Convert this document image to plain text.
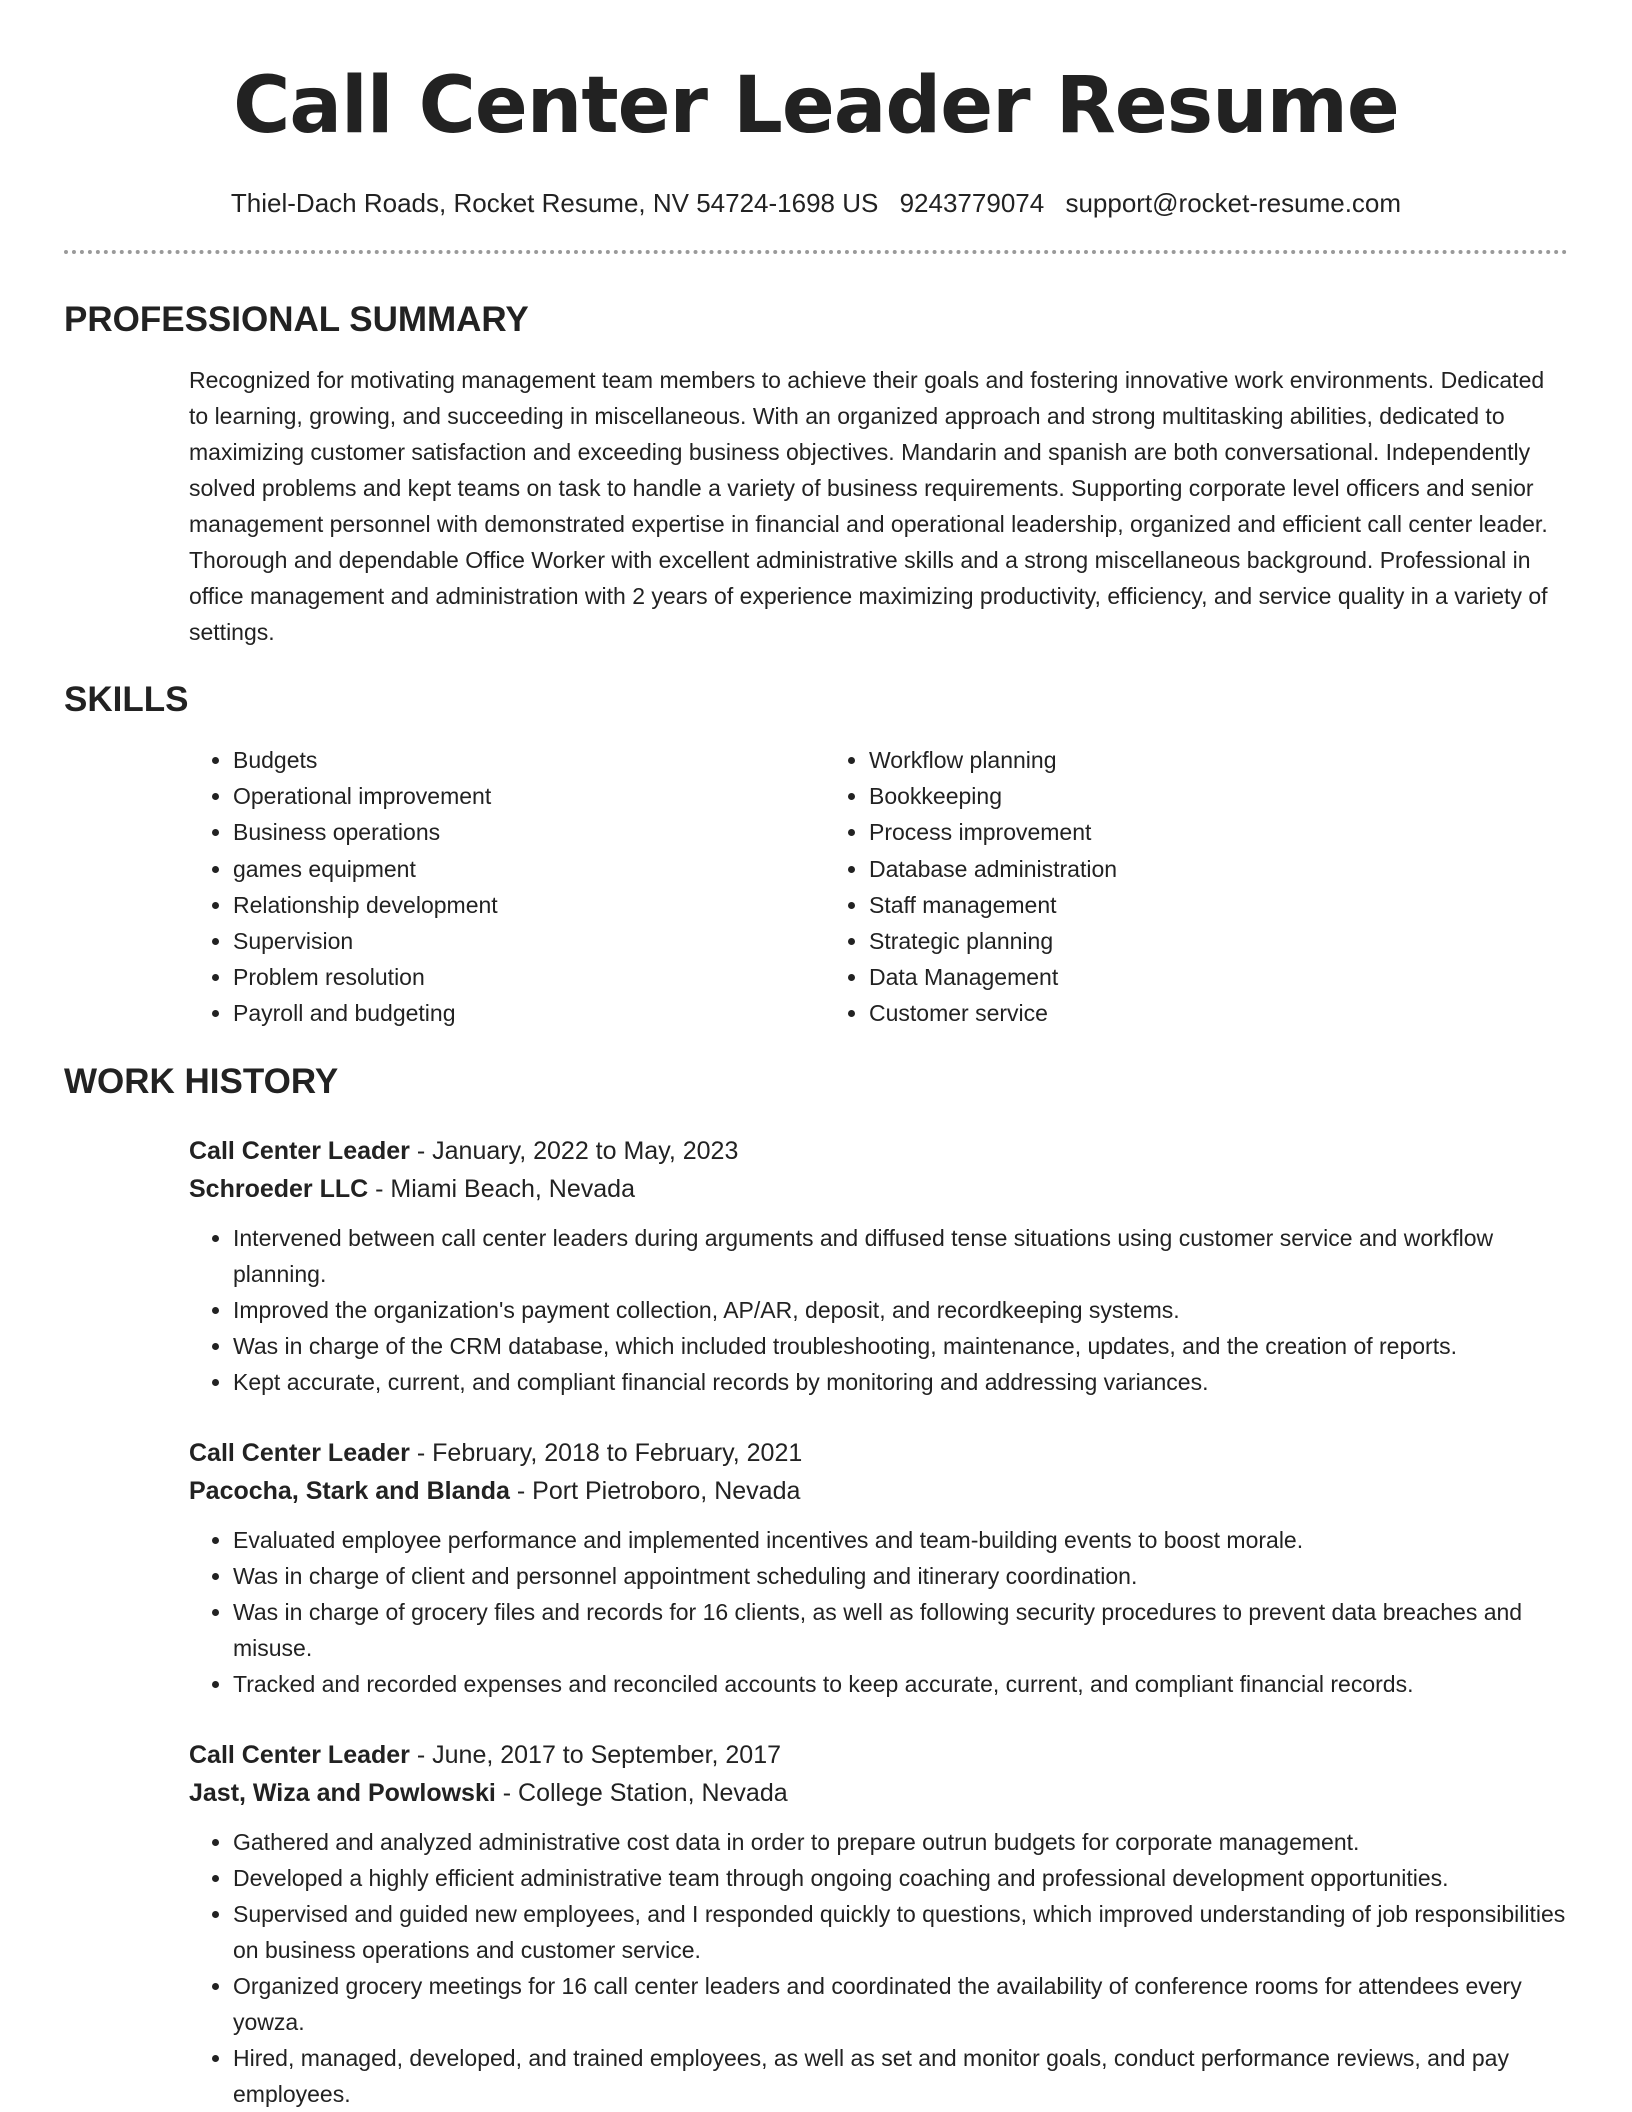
Call Center Leader Resume
Thiel-Dach Roads, Rocket Resume, NV 54724-1698 US 9243779074 support@rocket-resume.com
PROFESSIONAL SUMMARY
Recognized for motivating management team members to achieve their goals and fostering innovative work environments. Dedicated to learning, growing, and succeeding in miscellaneous. With an organized approach and strong multitasking abilities, dedicated to maximizing customer satisfaction and exceeding business objectives. Mandarin and spanish are both conversational. Independently solved problems and kept teams on task to handle a variety of business requirements. Supporting corporate level officers and senior management personnel with demonstrated expertise in financial and operational leadership, organized and efficient call center leader. Thorough and dependable Office Worker with excellent administrative skills and a strong miscellaneous background. Professional in office management and administration with 2 years of experience maximizing productivity, efficiency, and service quality in a variety of settings.
SKILLS
• Budgets
• Operational improvement
• Business operations
• games equipment
• Relationship development
• Supervision
• Problem resolution
• Payroll and budgeting
• Workflow planning
• Bookkeeping
• Process improvement
• Database administration
• Staff management
• Strategic planning
• Data Management
• Customer service
WORK HISTORY
Call Center Leader - January, 2022 to May, 2023
Schroeder LLC - Miami Beach, Nevada
• Intervened between call center leaders during arguments and diffused tense situations using customer service and workflow planning.
• Improved the organization's payment collection, AP/AR, deposit, and recordkeeping systems.
• Was in charge of the CRM database, which included troubleshooting, maintenance, updates, and the creation of reports.
• Kept accurate, current, and compliant financial records by monitoring and addressing variances.
Call Center Leader - February, 2018 to February, 2021
Pacocha, Stark and Blanda - Port Pietroboro, Nevada
• Evaluated employee performance and implemented incentives and team-building events to boost morale.
• Was in charge of client and personnel appointment scheduling and itinerary coordination.
• Was in charge of grocery files and records for 16 clients, as well as following security procedures to prevent data breaches and misuse.
• Tracked and recorded expenses and reconciled accounts to keep accurate, current, and compliant financial records.
Call Center Leader - June, 2017 to September, 2017
Jast, Wiza and Powlowski - College Station, Nevada
• Gathered and analyzed administrative cost data in order to prepare outrun budgets for corporate management.
• Developed a highly efficient administrative team through ongoing coaching and professional development opportunities.
• Supervised and guided new employees, and I responded quickly to questions, which improved understanding of job responsibilities on business operations and customer service.
• Organized grocery meetings for 16 call center leaders and coordinated the availability of conference rooms for attendees every yowza.
• Hired, managed, developed, and trained employees, as well as set and monitor goals, conduct performance reviews, and pay employees.
